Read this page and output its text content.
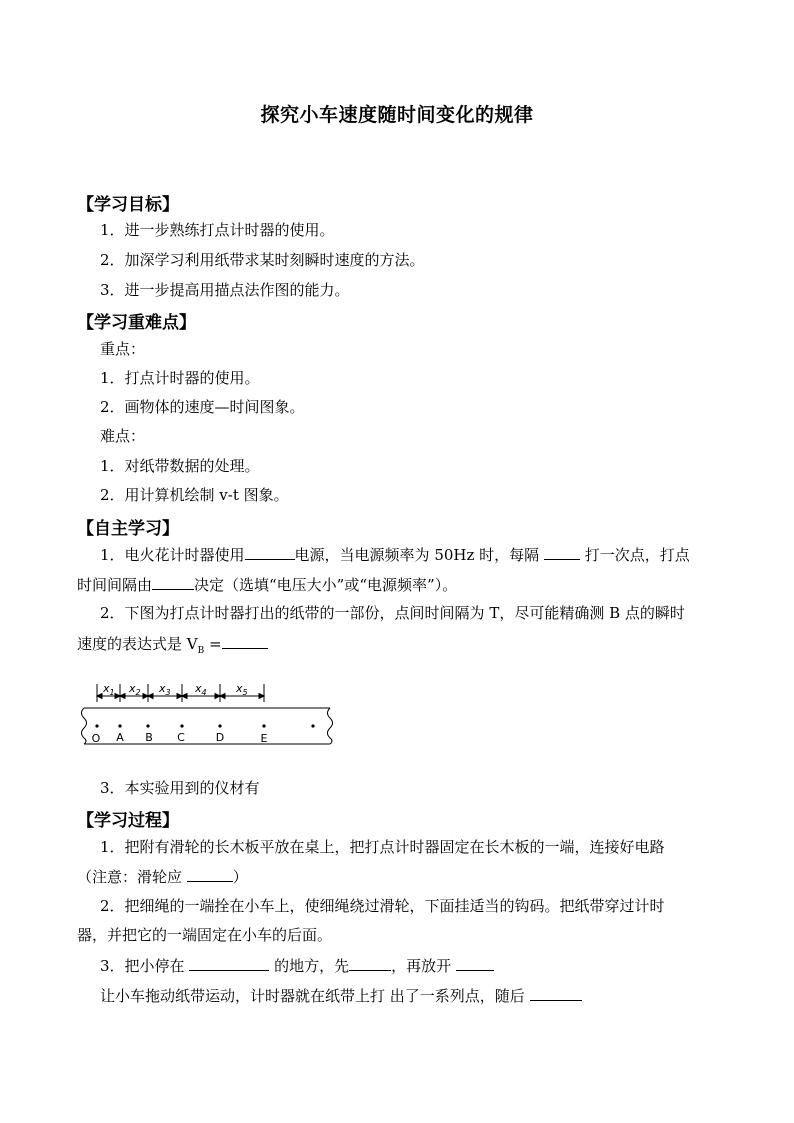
探究小车速度随时间变化的规律
【学习目标】
1．进一步熟练打点计时器的使用。
2．加深学习利用纸带求某时刻瞬时速度的方法。
3．进一步提高用描点法作图的能力。
【学习重难点】
重点：
1．打点计时器的使用。
2．画物体的速度—时间图象。
难点：
1．对纸带数据的处理。
2．用计算机绘制 v-t 图象。
【自主学习】
1．电火花计时器使用	电源，当电源频率为 50Hz 时，每隔	打一次点，打点
时间间隔由	决定（选填“电压大小”或“电源频率”）。
2．下图为打点计时器打出的纸带的一部份，点间时间隔为 T，尽可能精确测 B 点的瞬时
速度的表达式是 $V_B$ =
$x_1$ $x_2$ $x_3$ $x_4$	$x_5$
O A B C	D	E
3．本实验用到的仪材有
【学习过程】
1．把附有滑轮的长木板平放在桌上，把打点计时器固定在长木板的一端，连接好电路
（注意：滑轮应	）
2．把细绳的一端拴在小车上，使细绳绕过滑轮，下面挂适当的钩码。把纸带穿过计时
器，并把它的一端固定在小车的后面。
3．把小停在	的地方，先	，再放开
让小车拖动纸带运动，计时器就在纸带上打 出了一系列点，随后
